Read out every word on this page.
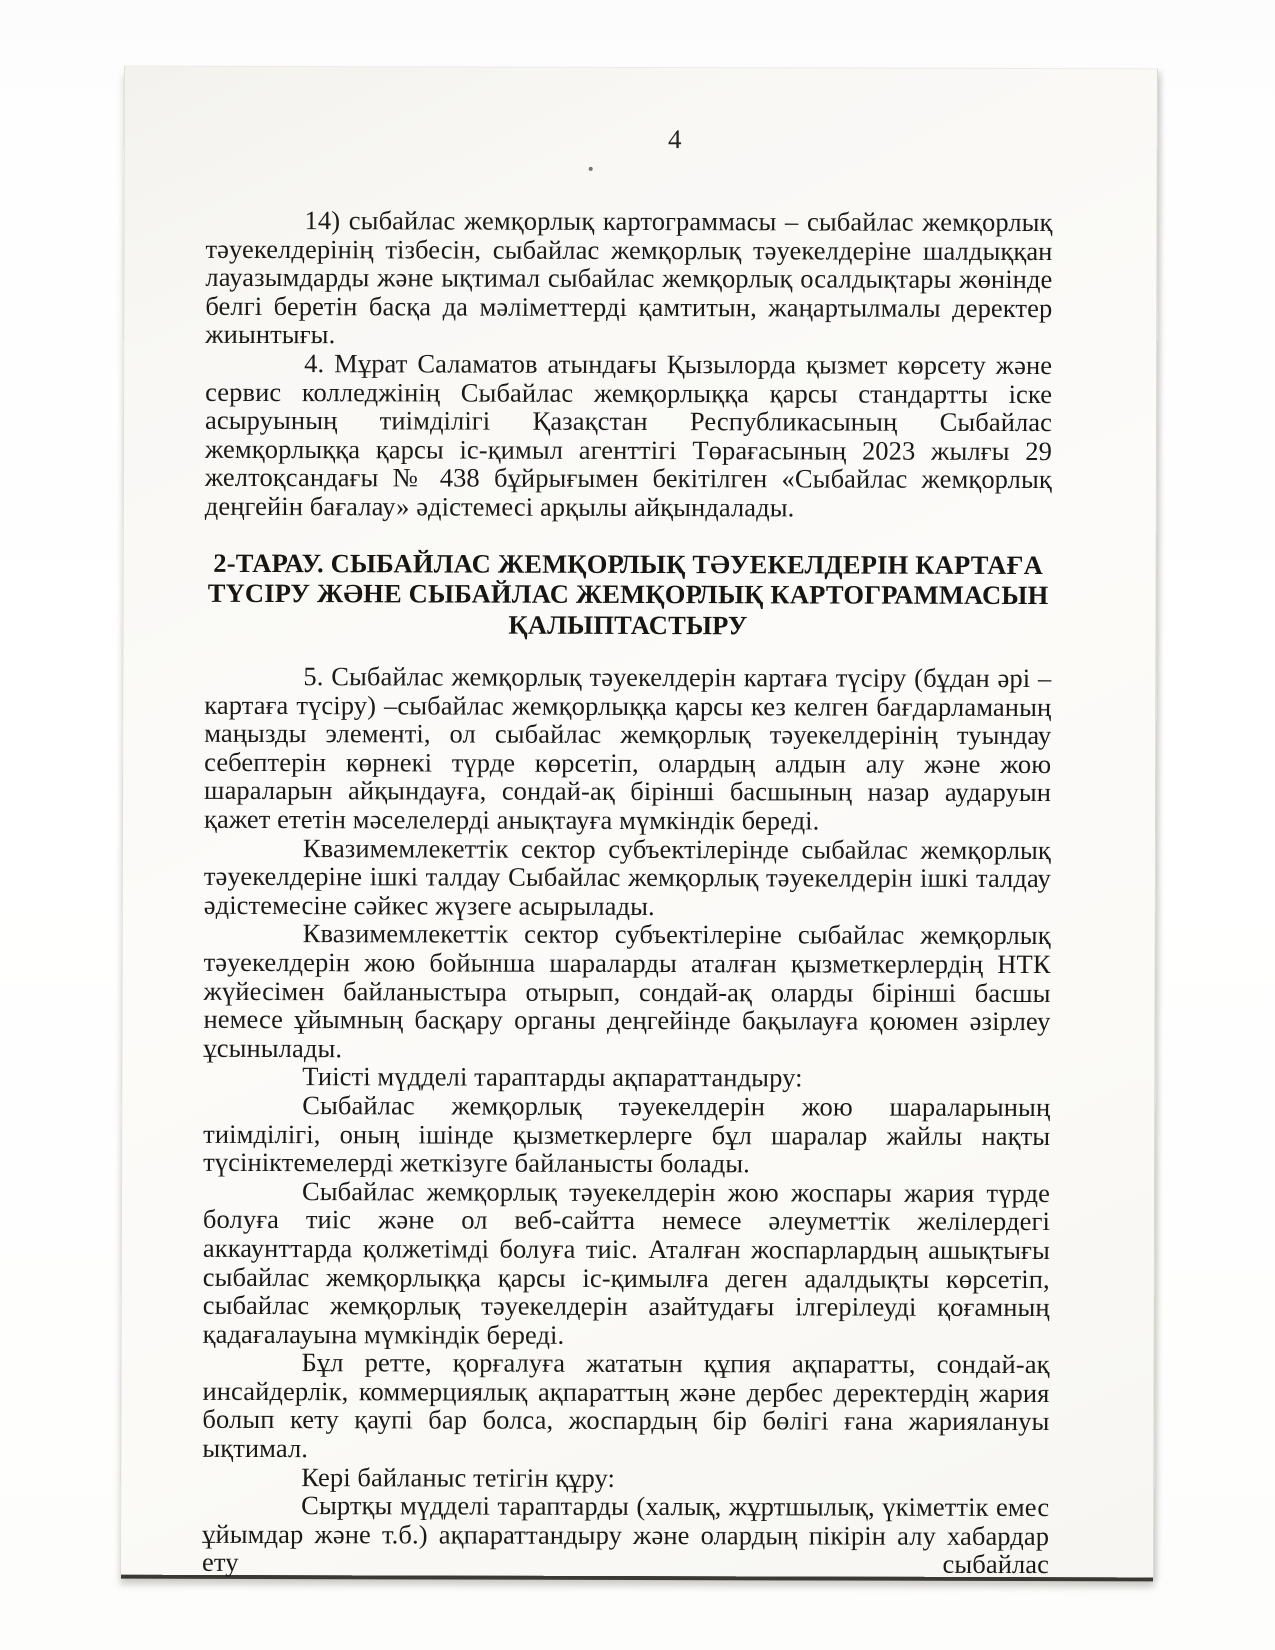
4

14) сыбайлас жемқорлық картограммасы – сыбайлас жемқорлық тәуекелдерінің тізбесін, сыбайлас жемқорлық тәуекелдеріне шалдыққан лауазымдарды және ықтимал сыбайлас жемқорлық осалдықтары жөнінде белгі беретін басқа да мәліметтерді қамтитын, жаңартылмалы деректер жиынтығы.

4. Мұрат Саламатов атындағы Қызылорда қызмет көрсету және сервис колледжінің Сыбайлас жемқорлыққа қарсы стандартты іске асыруының тиімділігі Қазақстан Республикасының Сыбайлас жемқорлыққа қарсы іс-қимыл агенттігі Төрағасының 2023 жылғы 29 желтоқсандағы № 438 бұйрығымен бекітілген «Сыбайлас жемқорлық деңгейін бағалау» әдістемесі арқылы айқындалады.

2-ТАРАУ. СЫБАЙЛАС ЖЕМҚОРЛЫҚ ТӘУЕКЕЛДЕРІН КАРТАҒА
ТҮСІРУ ЖӘНЕ СЫБАЙЛАС ЖЕМҚОРЛЫҚ КАРТОГРАММАСЫН
ҚАЛЫПТАСТЫРУ

5. Сыбайлас жемқорлық тәуекелдерін картаға түсіру (бұдан әрі – картаға түсіру) –сыбайлас жемқорлыққа қарсы кез келген бағдарламаның маңызды элементі, ол сыбайлас жемқорлық тәуекелдерінің туындау себептерін көрнекі түрде көрсетіп, олардың алдын алу және жою шараларын айқындауға, сондай-ақ бірінші басшының назар аударуын қажет ететін мәселелерді анықтауға мүмкіндік береді.

Квазимемлекеттік сектор субъектілерінде сыбайлас жемқорлық тәуекелдеріне ішкі талдау Сыбайлас жемқорлық тәуекелдерін ішкі талдау әдістемесіне сәйкес жүзеге асырылады.

Квазимемлекеттік сектор субъектілеріне сыбайлас жемқорлық тәуекелдерін жою бойынша шараларды аталған қызметкерлердің НТК жүйесімен байланыстыра отырып, сондай-ақ оларды бірінші басшы немесе ұйымның басқару органы деңгейінде бақылауға қоюмен әзірлеу ұсынылады.

Тиісті мүдделі тараптарды ақпараттандыру:

Сыбайлас жемқорлық тәуекелдерін жою шараларының тиімділігі, оның ішінде қызметкерлерге бұл шаралар жайлы нақты түсініктемелерді жеткізуге байланысты болады.

Сыбайлас жемқорлық тәуекелдерін жою жоспары жария түрде болуға тиіс және ол веб-сайтта немесе әлеуметтік желілердегі аккаунттарда қолжетімді болуға тиіс. Аталған жоспарлардың ашықтығы сыбайлас жемқорлыққа қарсы іс-қимылға деген адалдықты көрсетіп, сыбайлас жемқорлық тәуекелдерін азайтудағы ілгерілеуді қоғамның қадағалауына мүмкіндік береді.

Бұл ретте, қорғалуға жататын құпия ақпаратты, сондай-ақ инсайдерлік, коммерциялық ақпараттың және дербес деректердің жария болып кету қаупі бар болса, жоспардың бір бөлігі ғана жариялануы ықтимал.

Кері байланыс тетігін құру:

Сыртқы мүдделі тараптарды (халық, жұртшылық, үкіметтік емес ұйымдар және т.б.) ақпараттандыру және олардың пікірін алу хабардар ету сыбайлас
